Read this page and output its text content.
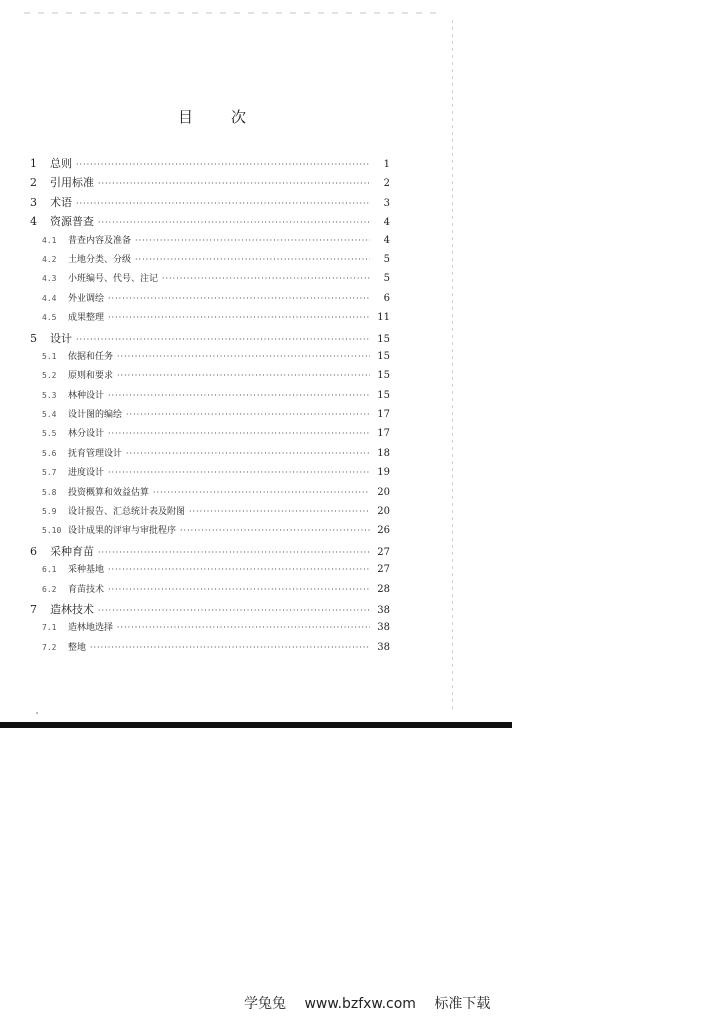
目 次
1	总则 ·····	1
2	引用标准 ·····	2
3	术语 ·····	3
4	资源普查 ·····	4
4.1	普查内容及准备 ·····	4
4.2	土地分类、分级 ·····	5
4.3	小班编号、代号、注记 ·····	5
4.4	外业调绘 ·····	6
4.5	成果整理 ·····	11
5	设计 ·····	15
5.1	依据和任务 ·····	15
5.2	原则和要求 ·····	15
5.3	林种设计 ·····	15
5.4	设计图的编绘 ·····	17
5.5	林分设计 ·····	17
5.6	抚育管理设计 ·····	18
5.7	进度设计 ·····	19
5.8	投资概算和效益估算 ·····	20
5.9	设计报告、汇总统计表及附图 ·····	20
5.10 设计成果的评审与审批程序 ·····	26
6	采种育苗 ·····	27
6.1	采种基地 ·····	27
6.2	育苗技术 ·····	28
7	造林技术 ·····	38
7.1	造林地选择 ·····	38
7.2	整地 ·····	38
学兔兔 www.bzfxw.com 标准下载
